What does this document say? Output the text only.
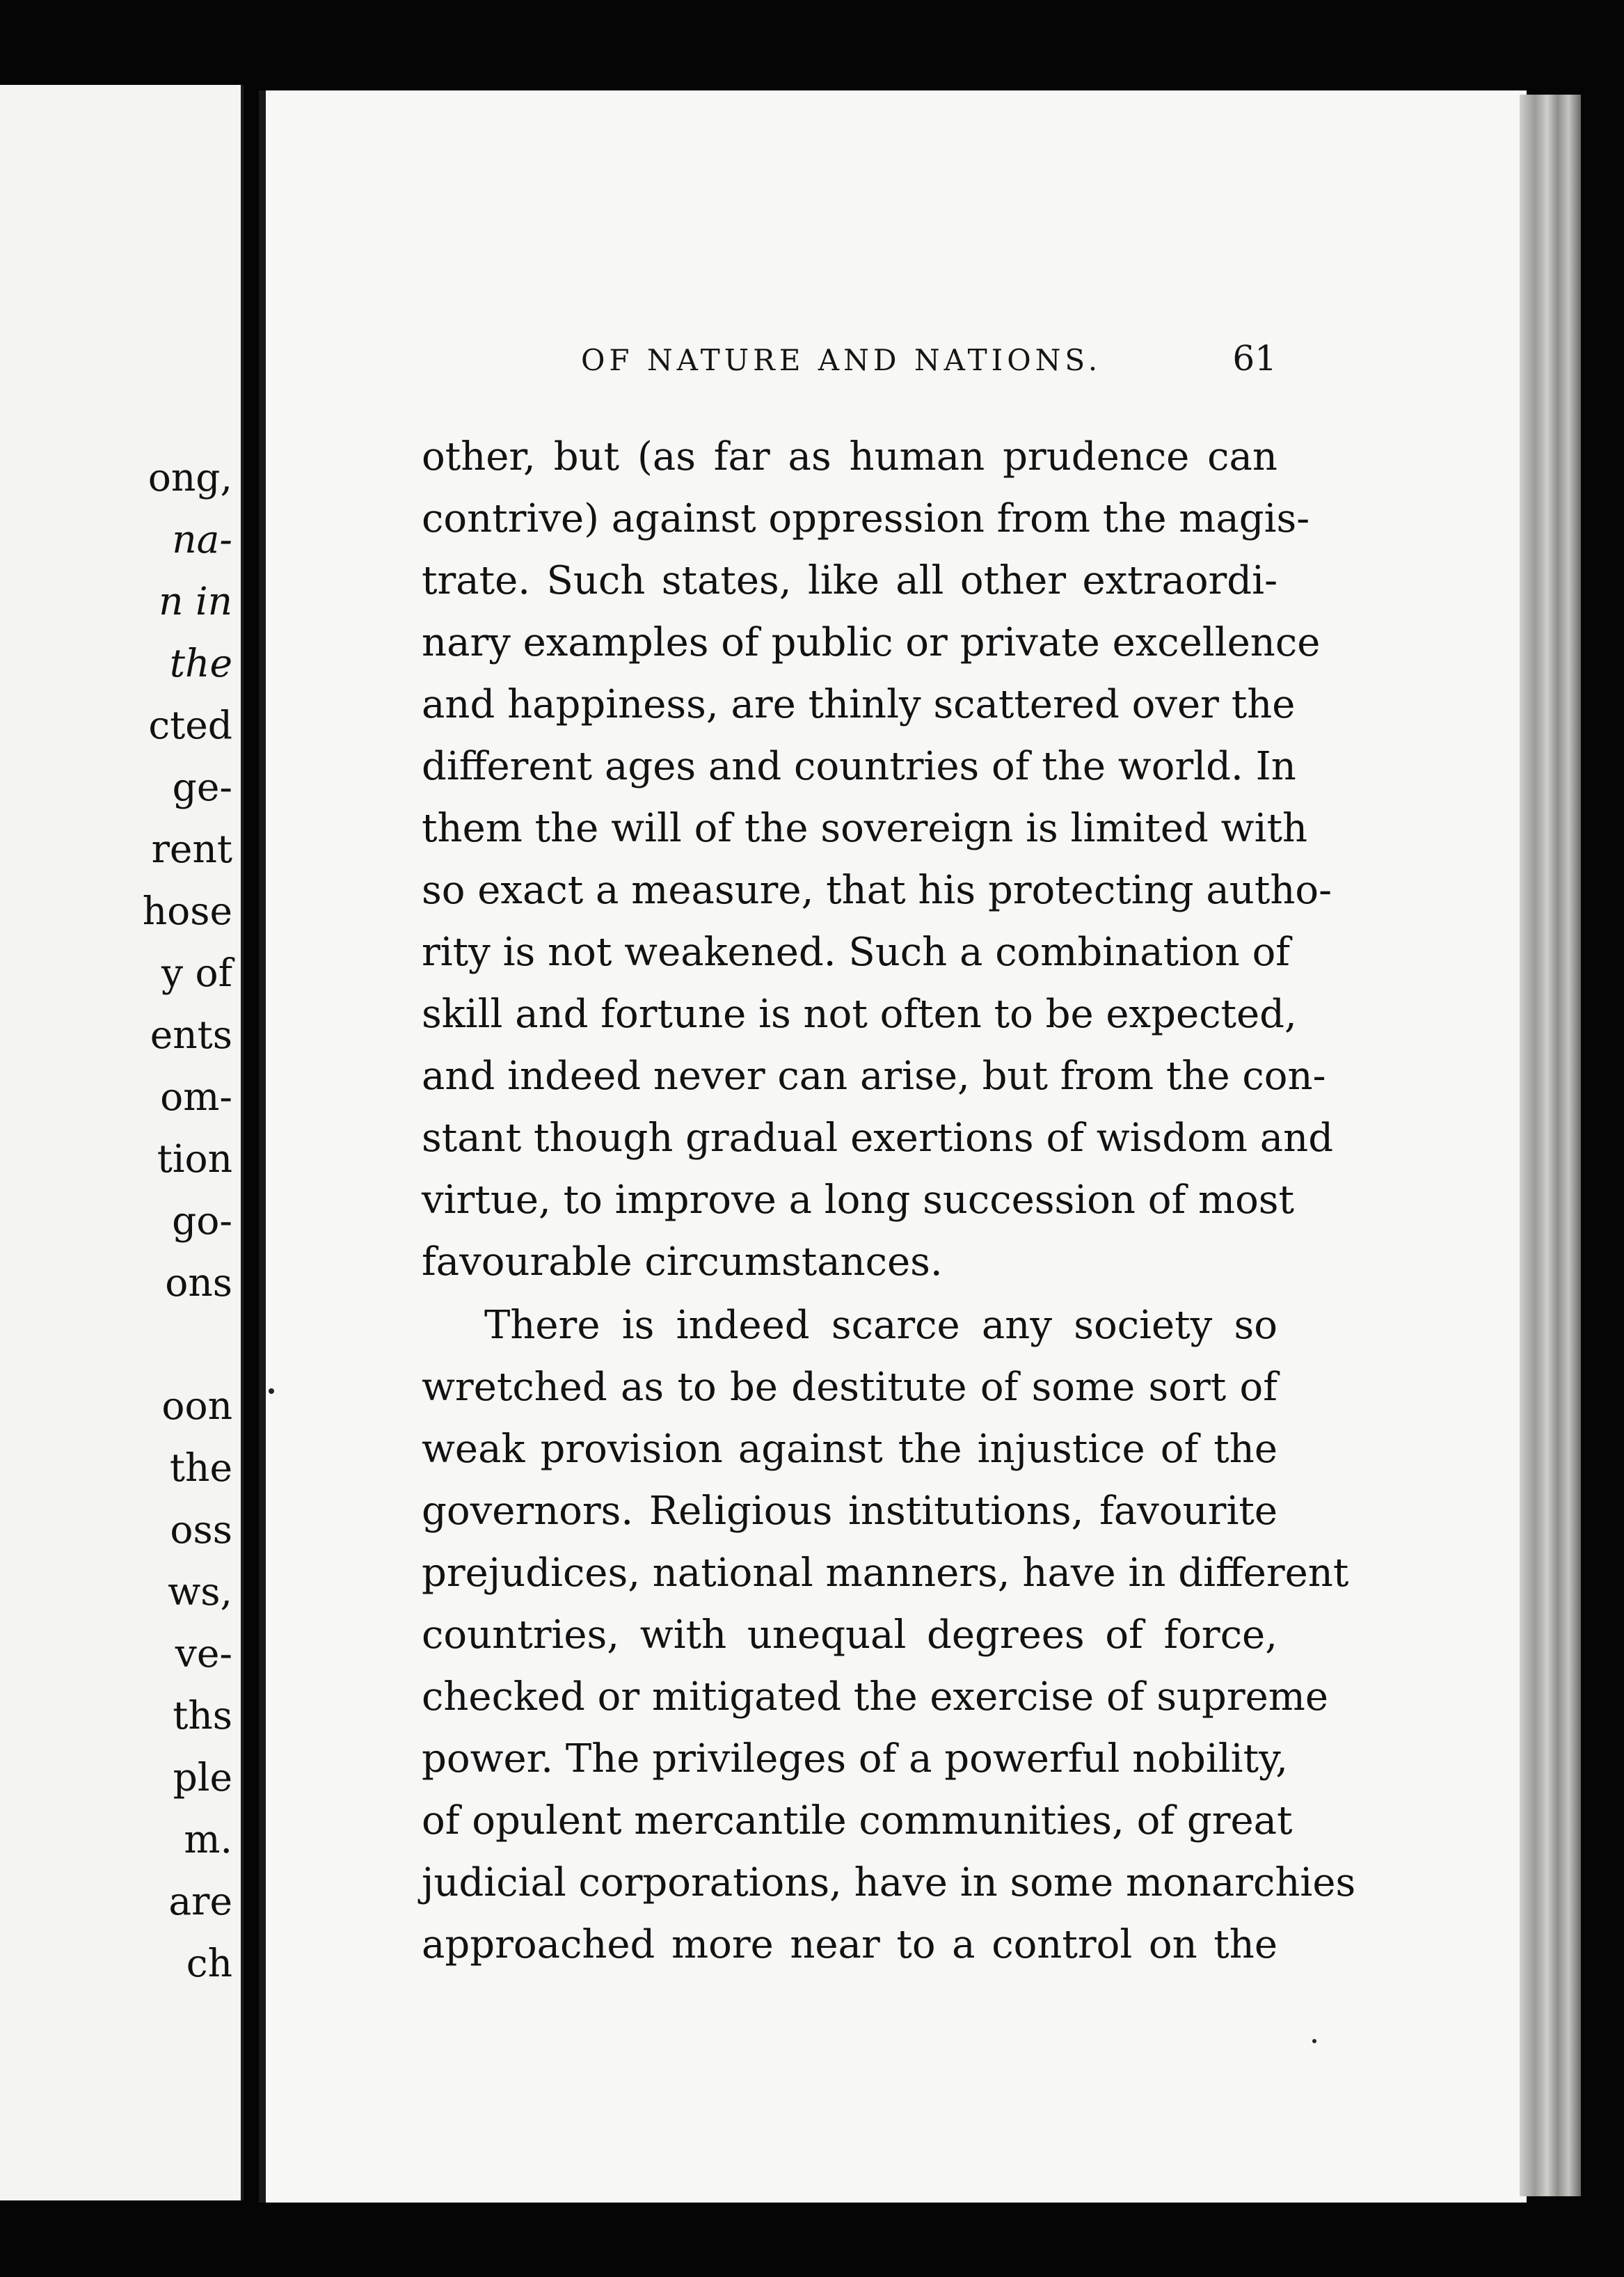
ong,
na-
n in
the
cted
ge-
rent
hose
y of
ents
om-
tion
go-
ons
oon
the
oss
ws,
ve-
ths
ple
m.
are
ch
OF NATURE AND NATIONS.	61
other, but (as far as human prudence can
contrive) against oppression from the magis-
trate. Such states, like all other extraordi-
nary examples of public or private excellence
and happiness, are thinly scattered over the
different ages and countries of the world. In
them the will of the sovereign is limited with
so exact a measure, that his protecting autho-
rity is not weakened. Such a combination of
skill and fortune is not often to be expected,
and indeed never can arise, but from the con-
stant though gradual exertions of wisdom and
virtue, to improve a long succession of most
favourable circumstances.
There is indeed scarce any society so
wretched as to be destitute of some sort of
weak provision against the injustice of the
governors. Religious institutions, favourite
prejudices, national manners, have in different
countries, with unequal degrees of force,
checked or mitigated the exercise of supreme
power. The privileges of a powerful nobility,
of opulent mercantile communities, of great
judicial corporations, have in some monarchies
approached more near to a control on the
